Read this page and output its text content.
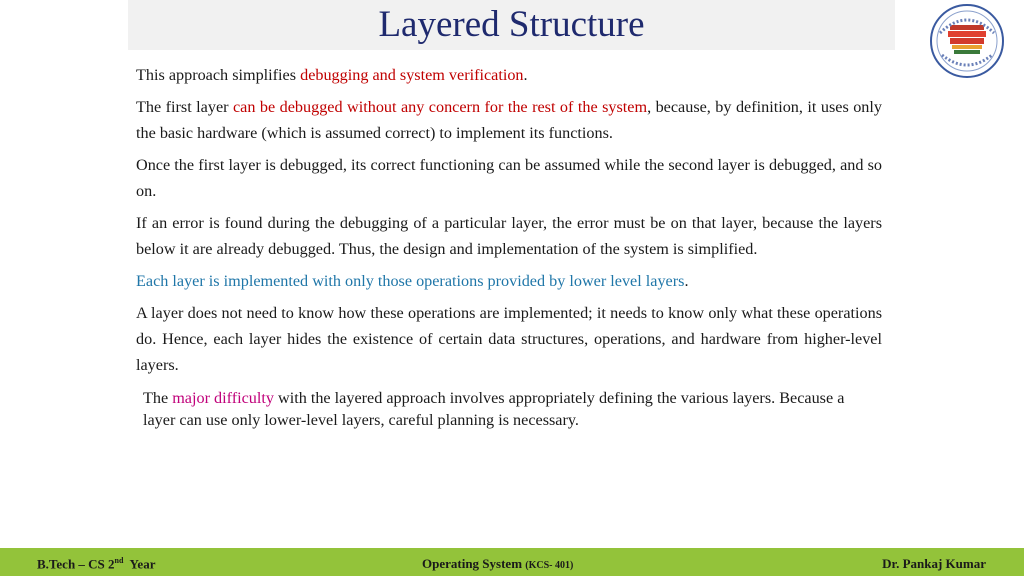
Layered Structure

This approach simplifies debugging and system verification.

The first layer can be debugged without any concern for the rest of the system, because, by definition, it uses only the basic hardware (which is assumed correct) to implement its functions.

Once the first layer is debugged, its correct functioning can be assumed while the second layer is debugged, and so on.

If an error is found during the debugging of a particular layer, the error must be on that layer, because the layers below it are already debugged. Thus, the design and implementation of the system is simplified.

Each layer is implemented with only those operations provided by lower level layers.

A layer does not need to know how these operations are implemented; it needs to know only what these operations do. Hence, each layer hides the existence of certain data structures, operations, and hardware from higher-level layers.

The major difficulty with the layered approach involves appropriately defining the various layers. Because a layer can use only lower-level layers, careful planning is necessary.

B.Tech – CS 2nd  Year	Operating System (KCS- 401)	Dr. Pankaj Kumar
